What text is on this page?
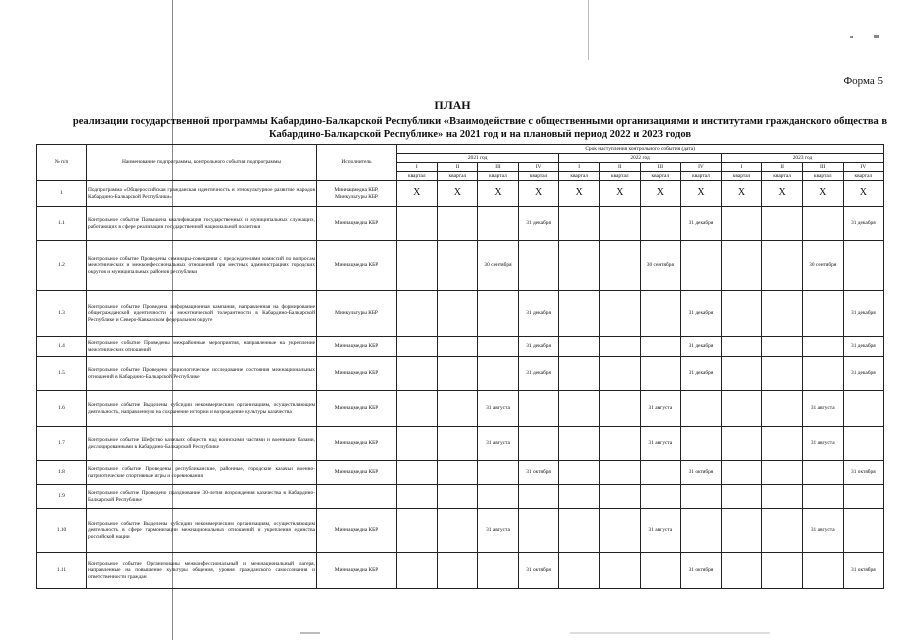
Форма 5
ПЛАН
реализации государственной программы Кабардино-Балкарской Республики «Взаимодействие с общественными организациями и институтами гражданского общества в Кабардино-Балкарской Республике» на 2021 год и на плановый период 2022 и 2023 годов
№ п/п	Наименование подпрограммы, контрольного события подпрограммы	Исполнитель	Срок наступления контрольного события (дата)											
			2021 год				2022 год				2023 год			
			I	II	III	IV	I	II	III	IV	I	II	III	IV
			квартал	квартал	квартал	квартал	квартал	квартал	квартал	квартал	квартал	квартал	квартал	квартал
1	Подпрограмма «Общероссийская гражданская идентичность и этнокультурное развитие народов Кабардино-Балкарской Республики»	Миннацмедиа КБР, Минкультуры КБР	X	X	X	X	X	X	X	X	X	X	X	X
1.1	Контрольное событие Повышена квалификация государственных и муниципальных служащих, работающих в сфере реализации государственной национальной политики	Миннацмедиа КБР				31 декабря				31 декабря				31 декабря
1.2	Контрольное событие Проведены семинары-совещания с председателями комиссий по вопросам межэтнических и межконфессиональных отношений при местных администрациях городских округов и муниципальных районов республики	Миннацмедиа КБР			30 сентября				30 сентября				30 сентября	
1.3	Контрольное событие Проведена информационная кампания, направленная на формирование общегражданской идентичности и межэтнической толерантности в Кабардино-Балкарской Республике и Северо-Кавказском федеральном округе	Минкультуры КБР				31 декабря				31 декабря				31 декабря
1.4	Контрольное событие Проведены межрайонные мероприятия, направленные на укрепление межэтнических отношений	Миннацмедиа КБР				31 декабря				31 декабря				31 декабря
1.5	Контрольное событие Проведено социологическое исследование состояния межнациональных отношений в Кабардино-Балкарской Республике	Миннацмедиа КБР				31 декабря				31 декабря				31 декабря
1.6	Контрольное событие Выделены субсидии некоммерческим организациям, осуществляющим деятельность, направленную на сохранение истории и возрождение культуры казачества	Миннацмедиа КБР			31 августа				31 августа				31 августа	
1.7	Контрольное событие Шефство казачьих обществ над воинскими частями и военными базами, дислоцированными в Кабардино-Балкарской Республике	Миннацмедиа КБР			31 августа				31 августа				31 августа	
1.8	Контрольное событие Проведены республиканские, районные, городские казачьи военно-патриотические спортивные игры и соревнования	Миннацмедиа КБР				31 октября				31 октября				31 октября
1.9	Контрольное событие Проведено празднование 30-летия возрождения казачества в Кабардино-Балкарской Республике													
1.10	Контрольное событие Выделены субсидии некоммерческим организациям, осуществляющим деятельность в сфере гармонизации межнациональных отношений и укрепления единства российской нации	Миннацмедиа КБР			31 августа				31 августа				31 августа	
1.11	Контрольное событие Организованы межконфессиональный и межнациональный лагеря, направленные на повышение культуры общения, уровня гражданского самосознания и ответственности граждан	Миннацмедиа КБР				31 октября				31 октября				31 октября
